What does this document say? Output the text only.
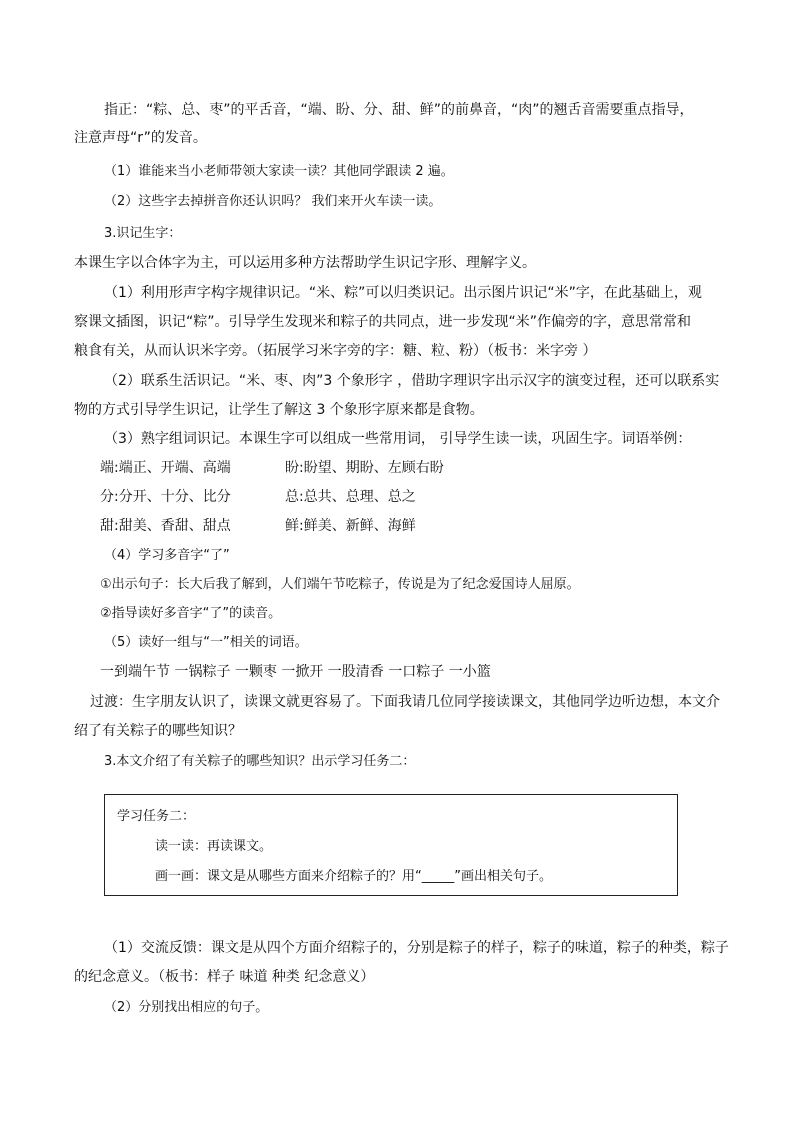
指正：“粽、总、枣”的平舌音，“端、盼、分、甜、鲜”的前鼻音，“肉”的翘舌音需要重点指导，
注意声母“r”的发音。
（1）谁能来当小老师带领大家读一读？其他同学跟读 2 遍。
（2）这些字去掉拼音你还认识吗？ 我们来开火车读一读。
3.识记生字：
本课生字以合体字为主，可以运用多种方法帮助学生识记字形、理解字义。
（1）利用形声字构字规律识记。“米、粽”可以归类识记。出示图片识记“米”字，在此基础上，观
察课文插图，识记“粽”。引导学生发现米和粽子的共同点，进一步发现“米”作偏旁的字，意思常常和
粮食有关，从而认识米字旁。（拓展学习米字旁的字：糖、粒、粉）（板书：米字旁 ）
（2）联系生活识记。“米、枣、肉”3 个象形字 ，借助字理识字出示汉字的演变过程，还可以联系实
物的方式引导学生识记，让学生了解这 3 个象形字原来都是食物。
（3）熟字组词识记。本课生字可以组成一些常用词， 引导学生读一读，巩固生字。词语举例：
端:端正、开端、高端	盼:盼望、期盼、左顾右盼
分:分开、十分、比分	总:总共、总理、总之
甜:甜美、香甜、甜点	鲜:鲜美、新鲜、海鲜
（4）学习多音字“了”
①出示句子：长大后我了解到，人们端午节吃粽子，传说是为了纪念爱国诗人屈原。
②指导读好多音字“了”的读音。
（5）读好一组与“一”相关的词语。
一到端午节 一锅粽子 一颗枣 一掀开 一股清香 一口粽子 一小篮
过渡：生字朋友认识了，读课文就更容易了。下面我请几位同学接读课文，其他同学边听边想，本文介
绍了有关粽子的哪些知识？
3.本文介绍了有关粽子的哪些知识？出示学习任务二：
学习任务二：
读一读：再读课文。
画一画：课文是从哪些方面来介绍粽子的？用“_____”画出相关句子。
（1）交流反馈：课文是从四个方面介绍粽子的，分别是粽子的样子，粽子的味道，粽子的种类，粽子
的纪念意义。（板书：样子 味道 种类 纪念意义）
（2）分别找出相应的句子。
